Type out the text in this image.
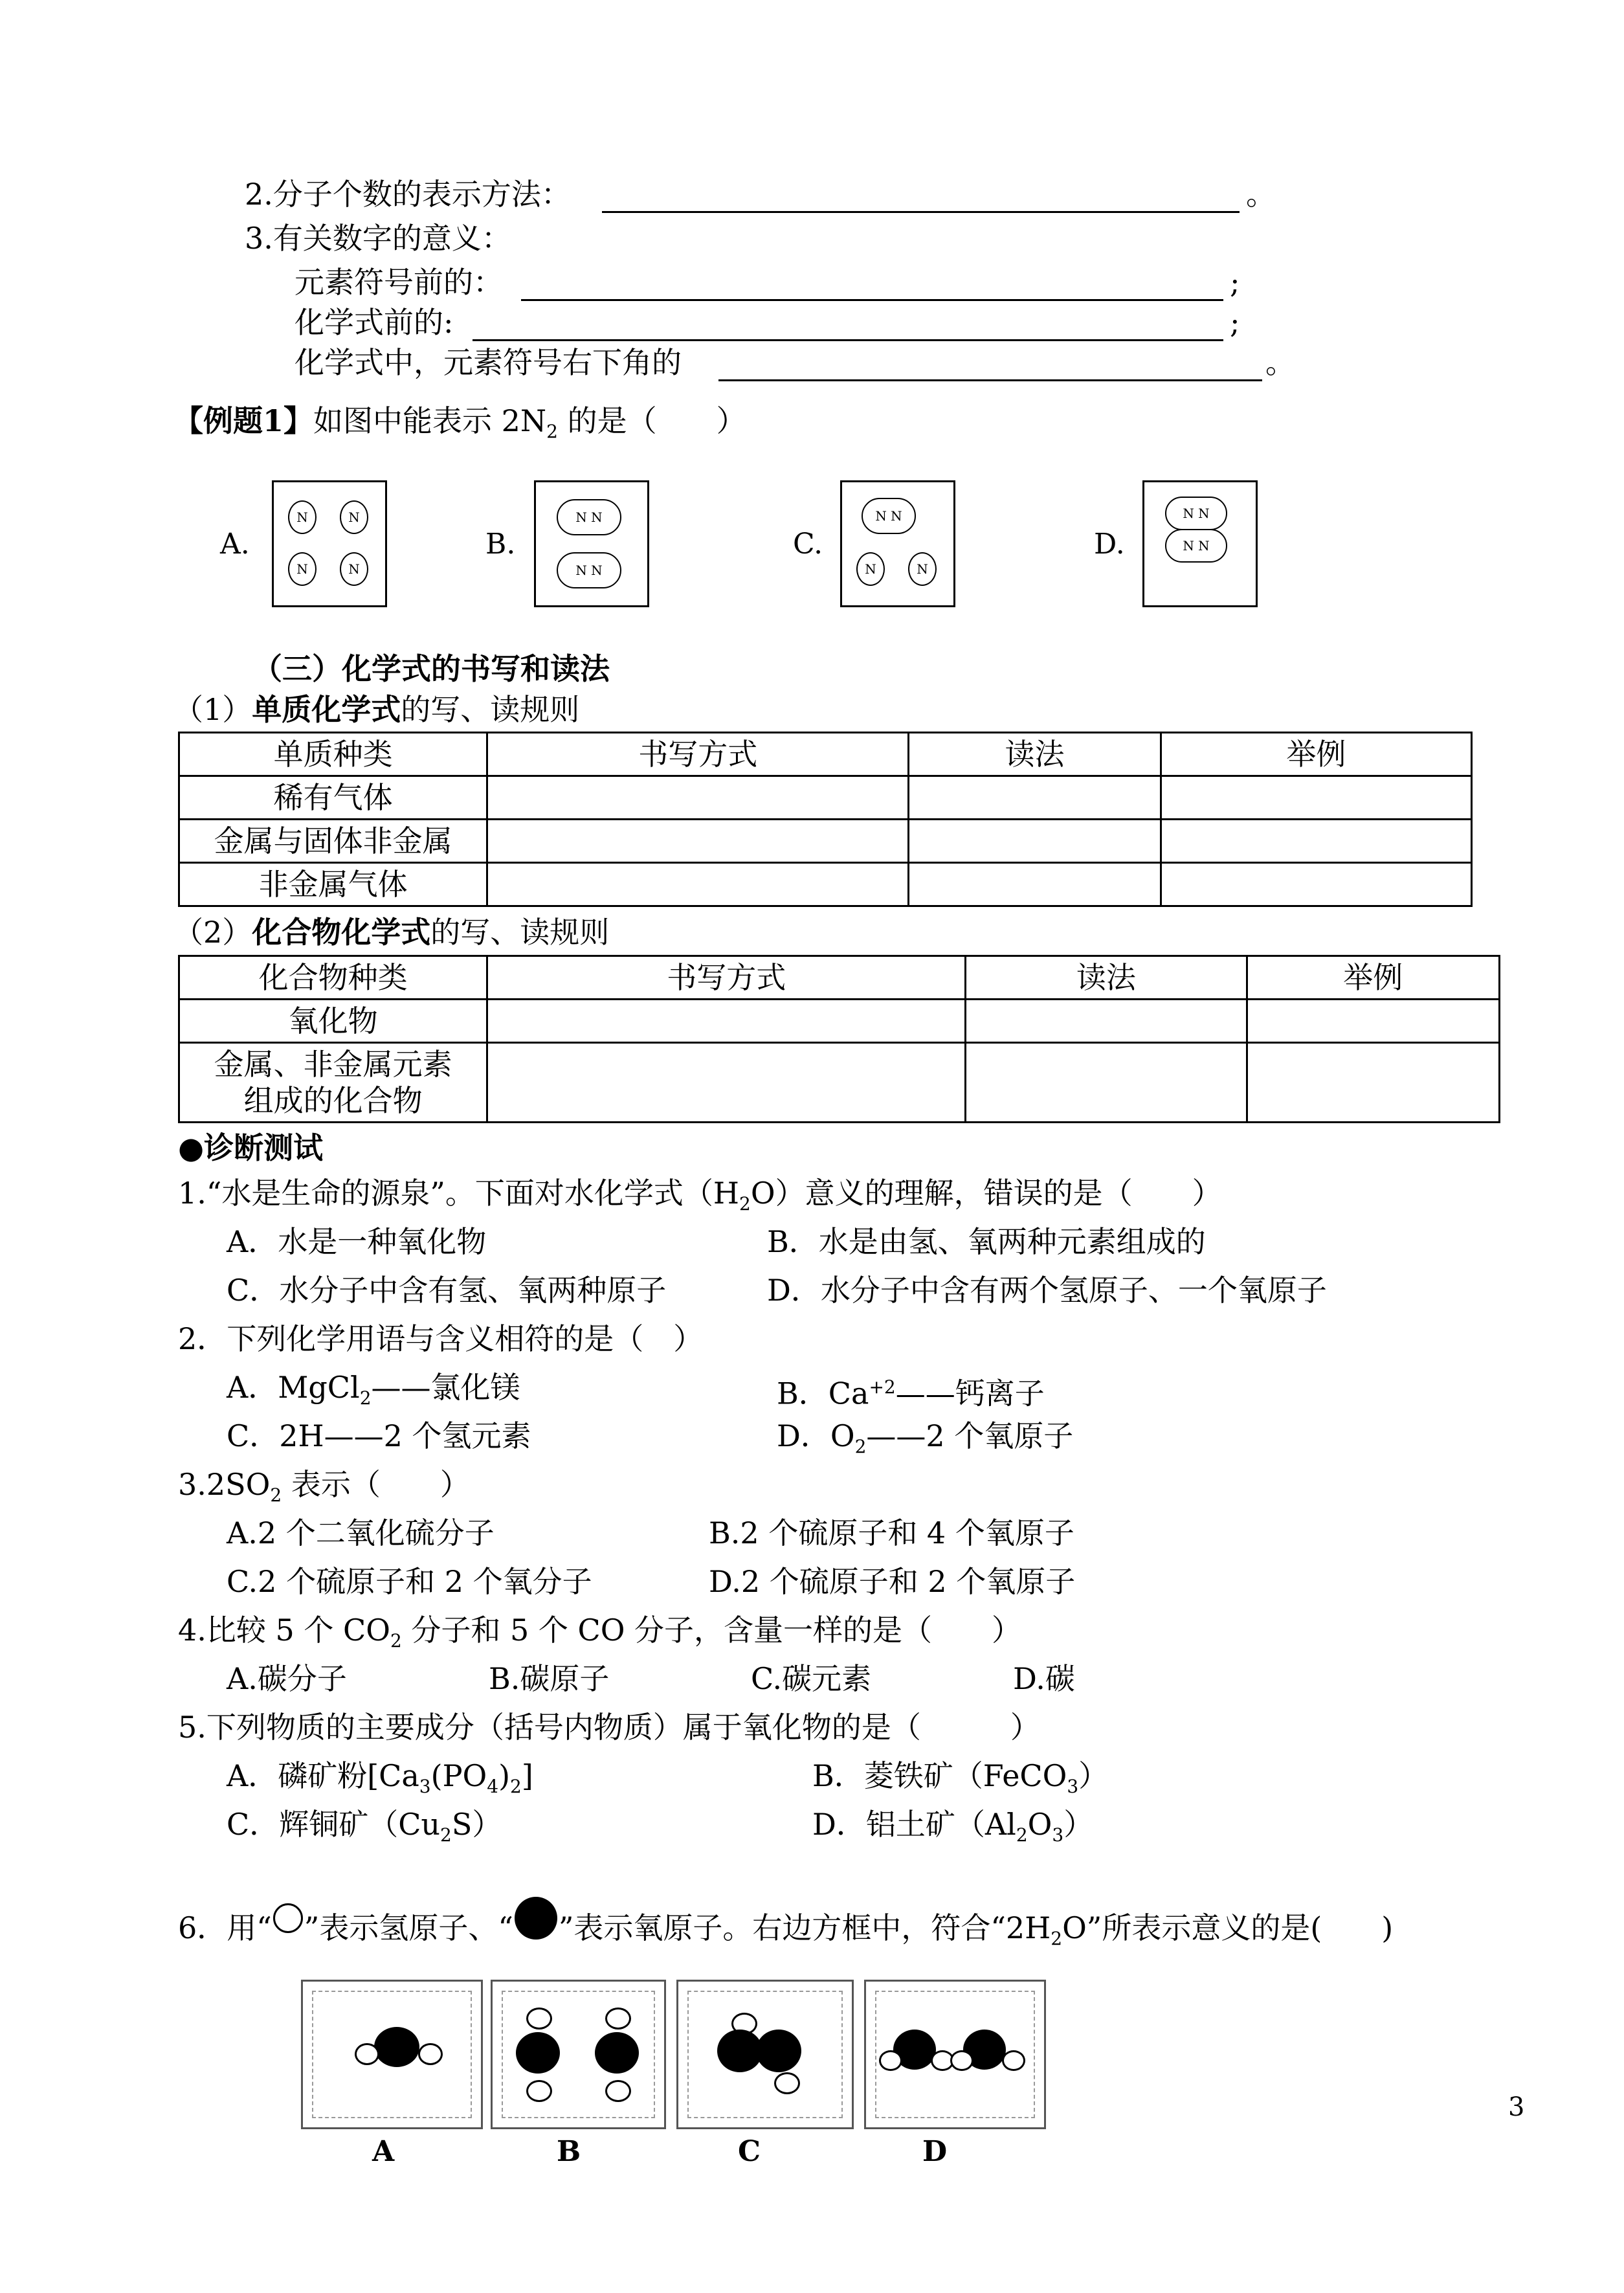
2.分子个数的表示方法：	。
3.有关数字的意义：
元素符号前的：	;
化学式前的:	;
化学式中，元素符号右下角的	。
【例题1】如图中能表示 $2N_2$ 的是（　　）
A.
N	N
N	N
B.
N
N
N
N
C.
N
N
N	N
D.
N
N
N
N
（三）化学式的书写和读法
（1）单质化学式的写、读规则
单质种类	书写方式	读法	举例
稀有气体			
金属与固体非金属			
非金属气体			
（2）化合物化学式的写、读规则
化合物种类	书写方式	读法	举例
氧化物			

金属、非金属元素
组成的化合物			

●诊断测试
1.“水是生命的源泉”。下面对水化学式$(H_2O)$意义的理解，错误的是（　　）
A．水是一种氧化物	B．水是由氢、氧两种元素组成的
C．水分子中含有氢、氧两种原子	D．水分子中含有两个氢原子、一个氧原子
2．下列化学用语与含义相符的是（　）
A．MgCl$_2$——氯化镁	B．$Ca^{+2}——$钙离子
C．2H——2 个氢元素	D．$O_2——2$ 个氧原子
$3.2SO_2$ 表示（　　）
A.2 个二氧化硫分子	B.2 个硫原子和 4 个氧原子
C.2 个硫原子和 2 个氧分子	D.2 个硫原子和 2 个氧原子
4.比较 5 个 $CO_2$ 分子和 5 个 CO 分子，含量一样的是（　　）
A.碳分子	B.碳原子	C.碳元素	D.碳
5.下列物质的主要成分（括号内物质）属于氧化物的是（　　　）
A．磷矿粉$[Ca_3(PO_4)_2]$	B．菱铁矿（FeCO$_3$）
C．辉铜矿$(Cu_2S)$	D．铝土矿$(Al_2O_3)$
6．用“ ”表示氢原子、“ ”表示氧原子。右边方框中，符合“$2H_2O$”所表示意义的是(　　)
A	B	C	D
3
